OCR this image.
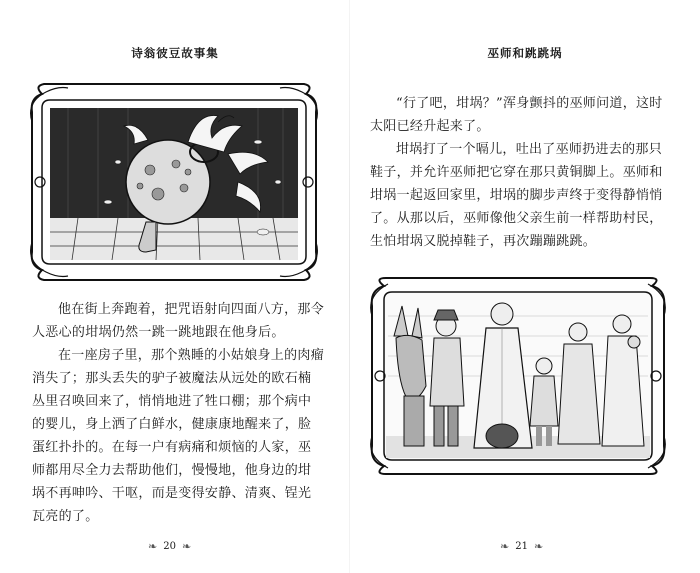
诗翁彼豆故事集

他在街上奔跑着，把咒语射向四面八方，那令人恶心的坩埚仍然一跳一跳地跟在他身后。

在一座房子里，那个熟睡的小姑娘身上的肉瘤消失了；那头丢失的驴子被魔法从远处的欧石楠丛里召唤回来了，悄悄地进了牲口棚；那个病中的婴儿，身上洒了白鲜水，健康康地醒来了，脸蛋红扑扑的。在每一户有病痛和烦恼的人家，巫师都用尽全力去帮助他们，慢慢地，他身边的坩埚不再呻吟、干呕，而是变得安静、清爽、锃光瓦亮的了。

❧ 20 ❧
巫师和跳跳埚

“行了吧，坩埚？”浑身颤抖的巫师问道，这时太阳已经升起来了。

坩埚打了一个嗝儿，吐出了巫师扔进去的那只鞋子，并允许巫师把它穿在那只黄铜脚上。巫师和坩埚一起返回家里，坩埚的脚步声终于变得静悄悄了。从那以后，巫师像他父亲生前一样帮助村民，生怕坩埚又脱掉鞋子，再次蹦蹦跳跳。

❧ 21 ❧
